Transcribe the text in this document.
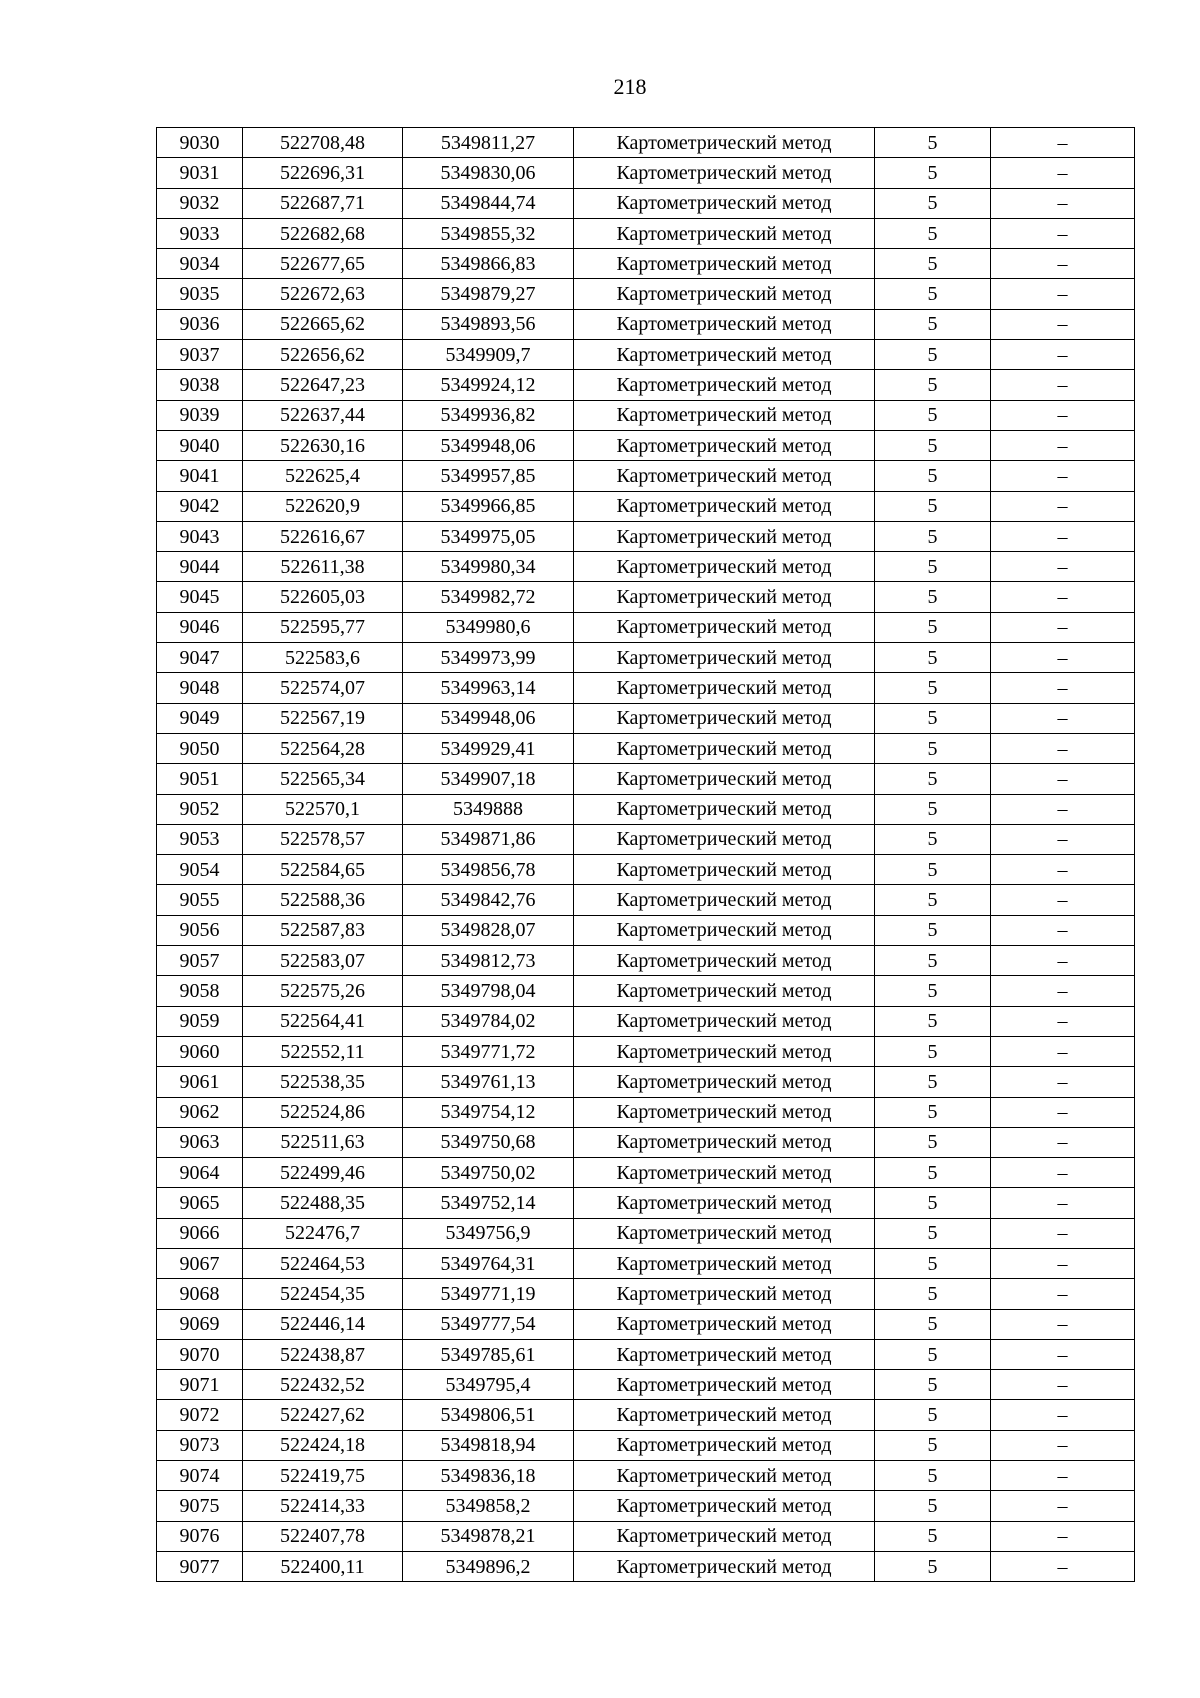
218
9030	522708,48	5349811,27	Картометрический метод	5	–
9031	522696,31	5349830,06	Картометрический метод	5	–
9032	522687,71	5349844,74	Картометрический метод	5	–
9033	522682,68	5349855,32	Картометрический метод	5	–
9034	522677,65	5349866,83	Картометрический метод	5	–
9035	522672,63	5349879,27	Картометрический метод	5	–
9036	522665,62	5349893,56	Картометрический метод	5	–
9037	522656,62	5349909,7	Картометрический метод	5	–
9038	522647,23	5349924,12	Картометрический метод	5	–
9039	522637,44	5349936,82	Картометрический метод	5	–
9040	522630,16	5349948,06	Картометрический метод	5	–
9041	522625,4	5349957,85	Картометрический метод	5	–
9042	522620,9	5349966,85	Картометрический метод	5	–
9043	522616,67	5349975,05	Картометрический метод	5	–
9044	522611,38	5349980,34	Картометрический метод	5	–
9045	522605,03	5349982,72	Картометрический метод	5	–
9046	522595,77	5349980,6	Картометрический метод	5	–
9047	522583,6	5349973,99	Картометрический метод	5	–
9048	522574,07	5349963,14	Картометрический метод	5	–
9049	522567,19	5349948,06	Картометрический метод	5	–
9050	522564,28	5349929,41	Картометрический метод	5	–
9051	522565,34	5349907,18	Картометрический метод	5	–
9052	522570,1	5349888	Картометрический метод	5	–
9053	522578,57	5349871,86	Картометрический метод	5	–
9054	522584,65	5349856,78	Картометрический метод	5	–
9055	522588,36	5349842,76	Картометрический метод	5	–
9056	522587,83	5349828,07	Картометрический метод	5	–
9057	522583,07	5349812,73	Картометрический метод	5	–
9058	522575,26	5349798,04	Картометрический метод	5	–
9059	522564,41	5349784,02	Картометрический метод	5	–
9060	522552,11	5349771,72	Картометрический метод	5	–
9061	522538,35	5349761,13	Картометрический метод	5	–
9062	522524,86	5349754,12	Картометрический метод	5	–
9063	522511,63	5349750,68	Картометрический метод	5	–
9064	522499,46	5349750,02	Картометрический метод	5	–
9065	522488,35	5349752,14	Картометрический метод	5	–
9066	522476,7	5349756,9	Картометрический метод	5	–
9067	522464,53	5349764,31	Картометрический метод	5	–
9068	522454,35	5349771,19	Картометрический метод	5	–
9069	522446,14	5349777,54	Картометрический метод	5	–
9070	522438,87	5349785,61	Картометрический метод	5	–
9071	522432,52	5349795,4	Картометрический метод	5	–
9072	522427,62	5349806,51	Картометрический метод	5	–
9073	522424,18	5349818,94	Картометрический метод	5	–
9074	522419,75	5349836,18	Картометрический метод	5	–
9075	522414,33	5349858,2	Картометрический метод	5	–
9076	522407,78	5349878,21	Картометрический метод	5	–
9077	522400,11	5349896,2	Картометрический метод	5	–
